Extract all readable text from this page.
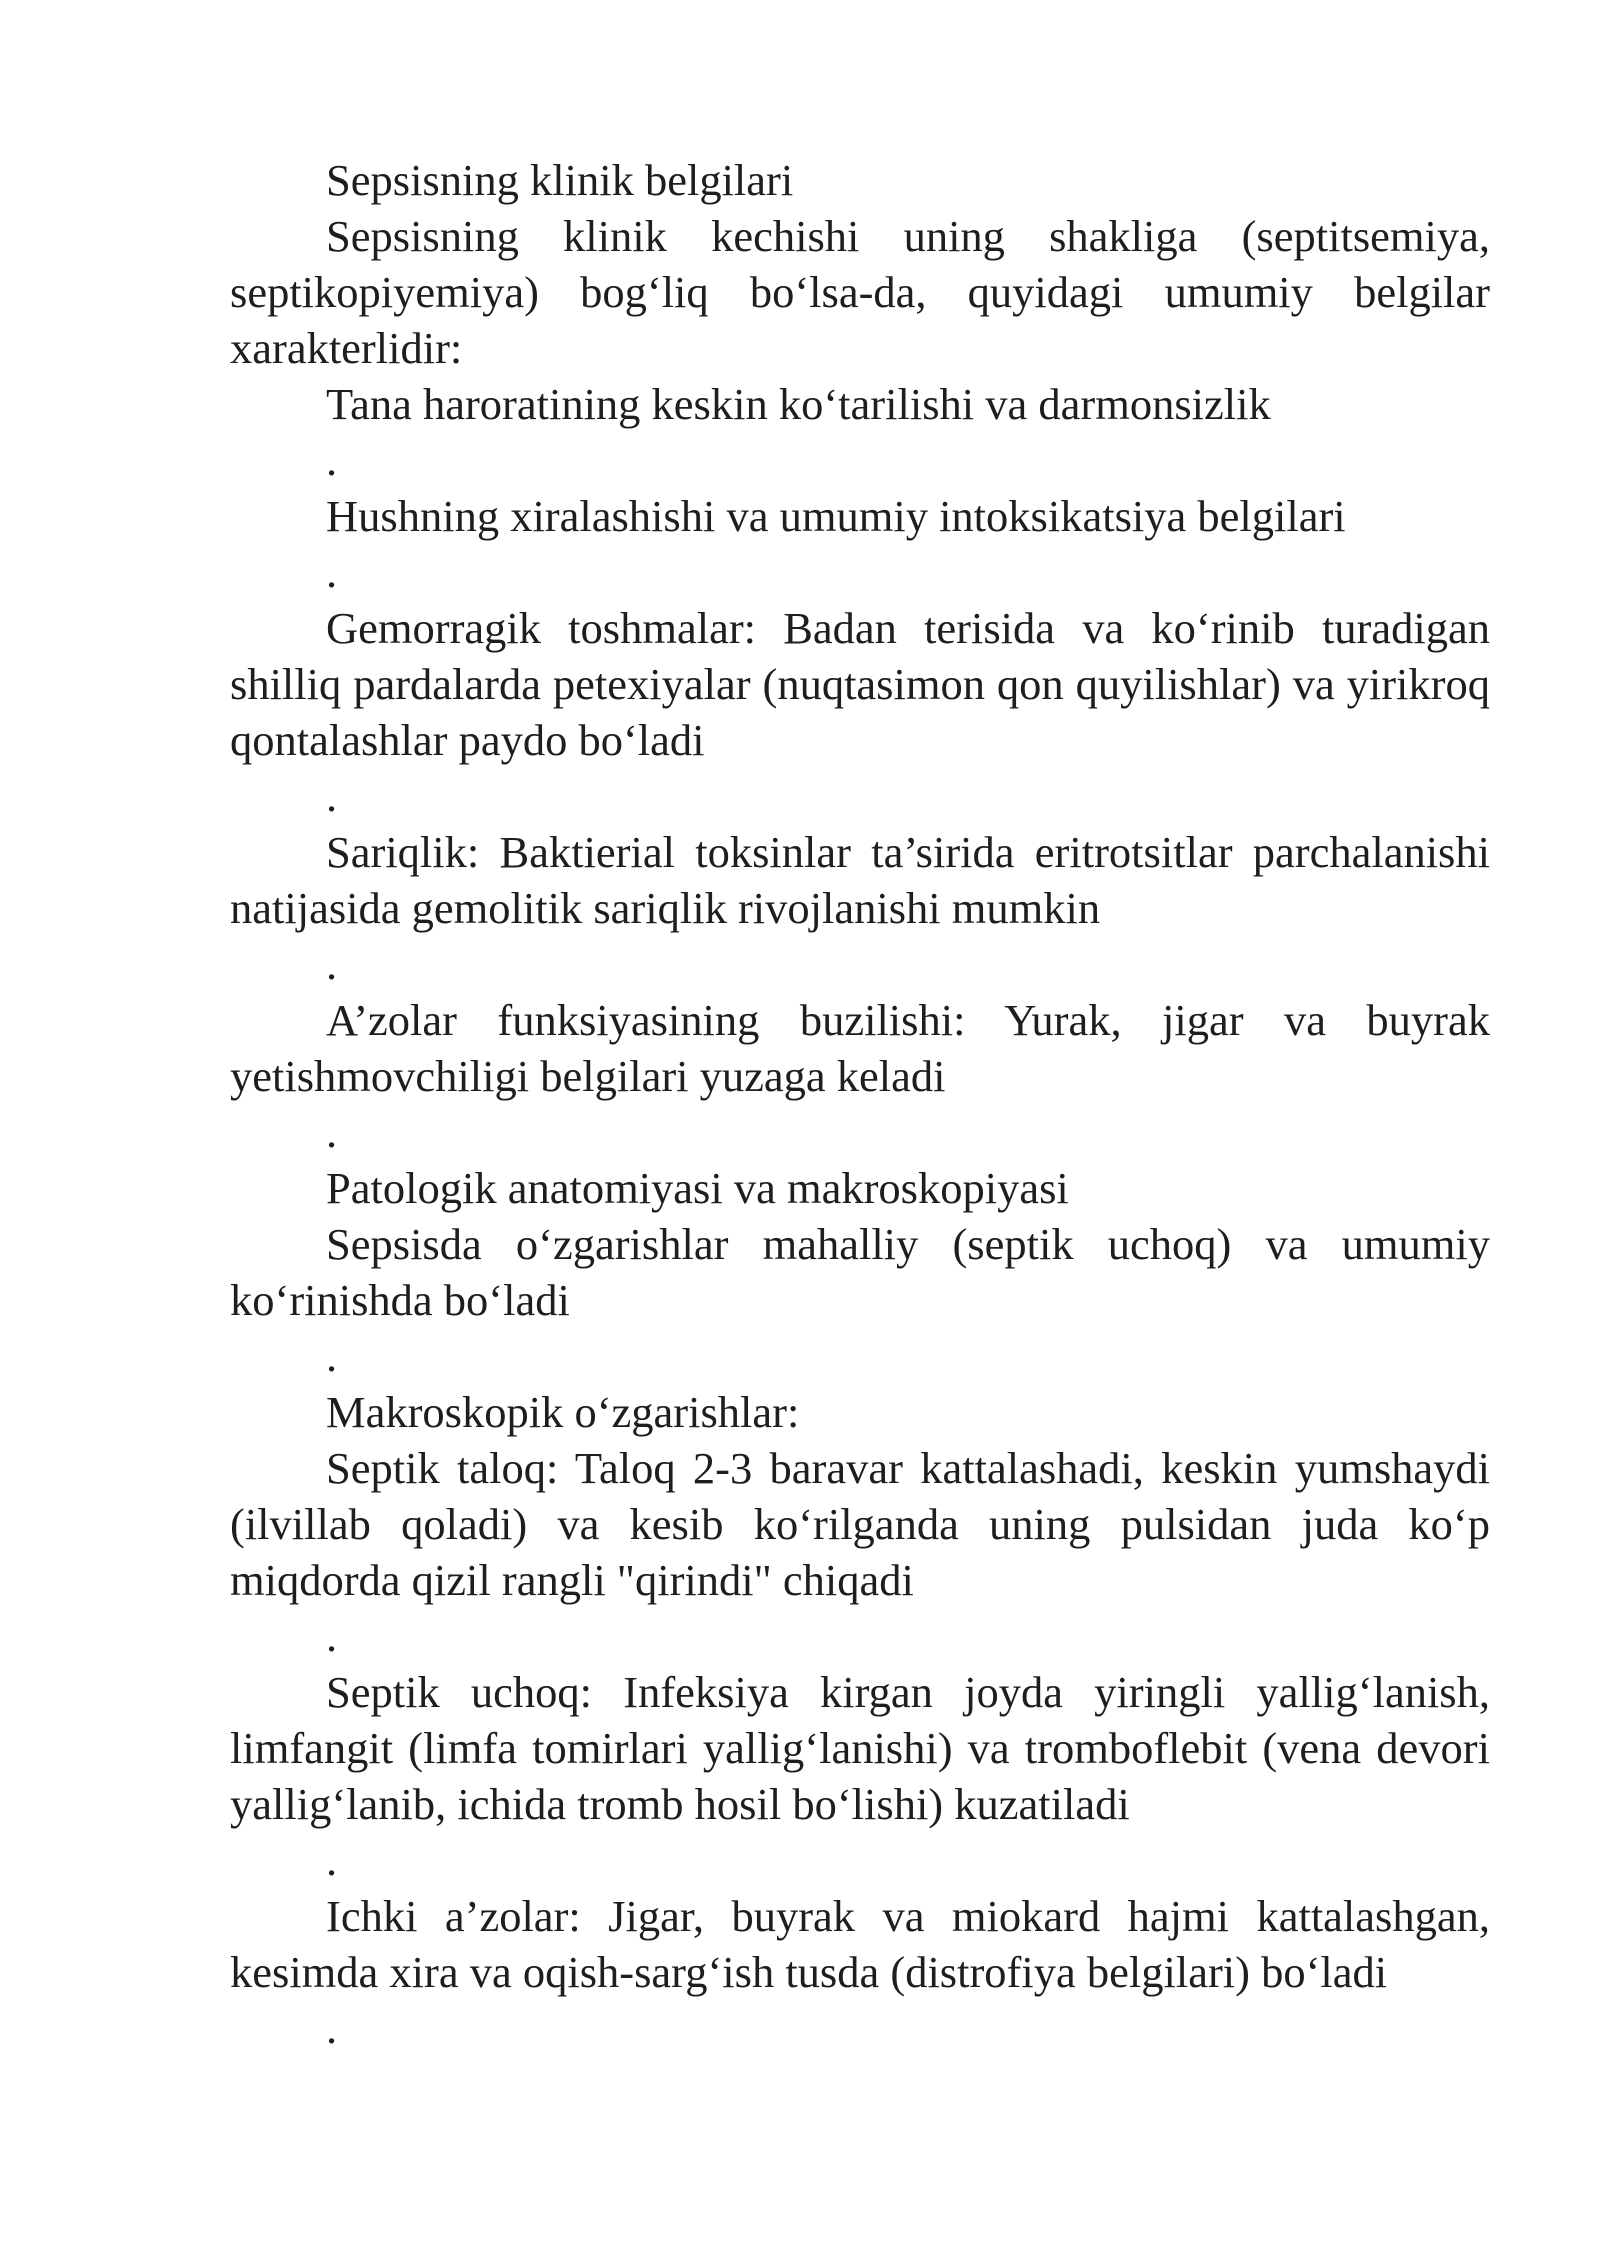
Sepsisning klinik belgilari

Sepsisning klinik kechishi uning shakliga (septitsemiya, septikopiyemiya) bog‘liq bo‘lsa-da, quyidagi umumiy belgilar xarakterlidir:

Tana haroratining keskin ko‘tarilishi va darmonsizlik

.

Hushning xiralashishi va umumiy intoksikatsiya belgilari

.

Gemorragik toshmalar: Badan terisida va ko‘rinib turadigan shilliq pardalarda petexiyalar (nuqtasimon qon quyilishlar) va yirikroq qontalashlar paydo bo‘ladi

.

Sariqlik: Baktierial toksinlar ta’sirida eritrotsitlar parchalanishi natijasida gemolitik sariqlik rivojlanishi mumkin

.

A’zolar funksiyasining buzilishi: Yurak, jigar va buyrak yetishmovchiligi belgilari yuzaga keladi

.

Patologik anatomiyasi va makroskopiyasi

Sepsisda o‘zgarishlar mahalliy (septik uchoq) va umumiy ko‘rinishda bo‘ladi

.

Makroskopik o‘zgarishlar:

Septik taloq: Taloq 2-3 baravar kattalashadi, keskin yumshaydi (ilvillab qoladi) va kesib ko‘rilganda uning pulsidan juda ko‘p miqdorda qizil rangli "qirindi" chiqadi

.

Septik uchoq: Infeksiya kirgan joyda yiringli yallig‘lanish, limfangit (limfa tomirlari yallig‘lanishi) va tromboflebit (vena devori yallig‘lanib, ichida tromb hosil bo‘lishi) kuzatiladi

.

Ichki a’zolar: Jigar, buyrak va miokard hajmi kattalashgan, kesimda xira va oqish-sarg‘ish tusda (distrofiya belgilari) bo‘ladi

.
